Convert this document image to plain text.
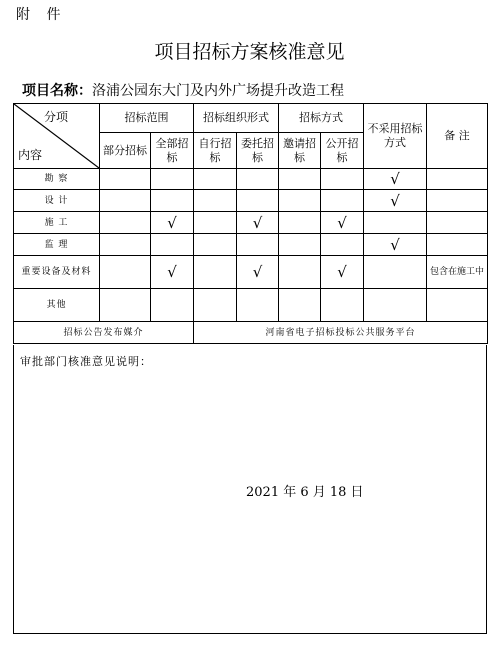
附 件
项目招标方案核准意见
项目名称：洛浦公园东大门及内外广场提升改造工程
分项
内容	招标范围		招标组织形式		招标方式		不采用招标方式	备 注
	部分招标	全部招标	自行招标	委托招标	邀请招标	公开招标		
勘 察							√	
设 计							√	
施 工		√		√		√		
监 理							√	
重要设备及材料		√		√		√		包含在施工中
其他								
招标公告发布媒介			河南省电子招标投标公共服务平台					
审批部门核准意见说明：
2021 年 6 月 18 日
